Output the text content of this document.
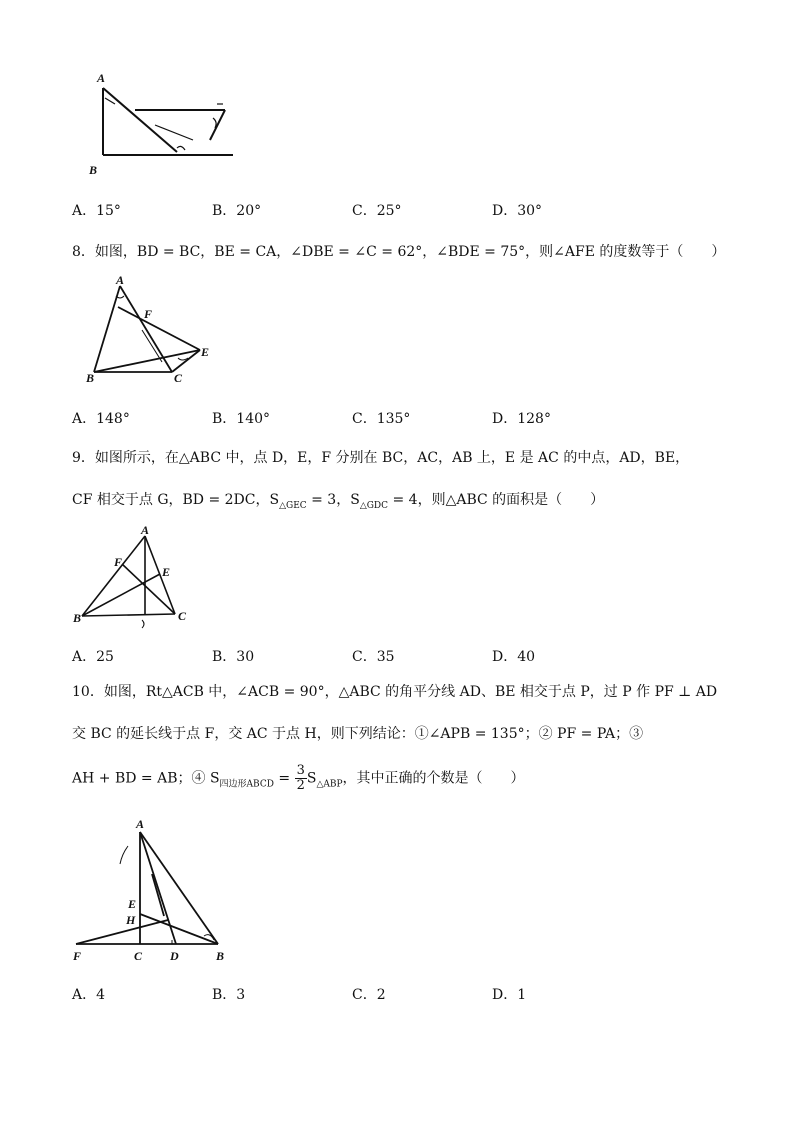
A
B
A．15°	B．20°	C．25°	D．30°
8．如图，BD = BC，BE = CA，∠DBE = ∠C = 62°，∠BDE = 75°，则∠AFE 的度数等于（　　）
A
F
E
B	C
A．148°	B．140°	C．135°	D．128°
9．如图所示，在△ABC 中，点 D，E，F 分别在 BC，AC，AB 上，E 是 AC 的中点，AD，BE，
CF 相交于点 G，BD = 2DC，$S_{\triangle GEC} = 3$，$S_{\triangle GDC} = 4$，则△ABC 的面积是（　　）
A
F
E
B	C
A．25	B．30	C．35	D．40
10．如图，Rt△ACB 中，∠ACB = 90°，△ABC 的角平分线 AD、BE 相交于点 P，过 P 作 PF ⊥ AD
交 BC 的延长线于点 F，交 AC 于点 H，则下列结论：①∠APB = 135°；② PF = PA；③
AH + BD = AB；④ $S_{四边形ABCD} = \frac{3}{2} S_{\triangle ABP}$，其中正确的个数是（　　）
A
E
H
F	C D	B
A．4	B．3	C．2	D．1
